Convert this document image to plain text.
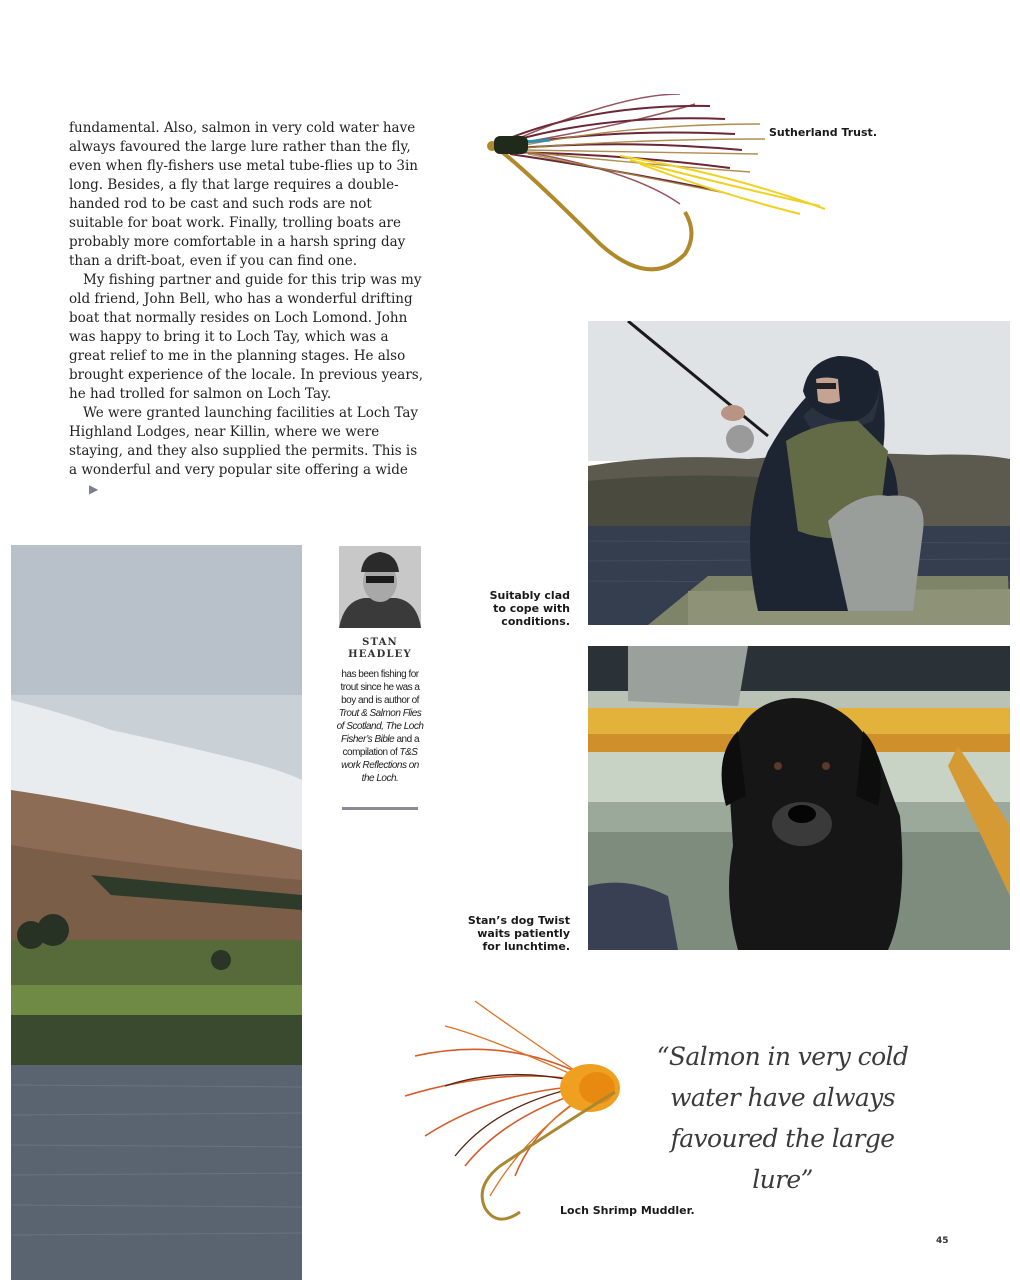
fundamental. Also, salmon in very cold water have always favoured the large lure rather than the fly, even when fly-fishers use metal tube-flies up to 3in long. Besides, a fly that large requires a double-handed rod to be cast and such rods are not suitable for boat work. Finally, trolling boats are probably more comfortable in a harsh spring day than a drift-boat, even if you can find one.

My fishing partner and guide for this trip was my old friend, John Bell, who has a wonderful drifting boat that normally resides on Loch Lomond. John was happy to bring it to Loch Tay, which was a great relief to me in the planning stages. He also brought experience of the locale. In previous years, he had trolled for salmon on Loch Tay.

We were granted launching facilities at Loch Tay Highland Lodges, near Killin, where we were staying, and they also supplied the permits. This is a wonderful and very popular site offering a wide▶

Sutherland Trust.

Suitably clad
to cope with
conditions.
Stan’s dog Twist
waits patiently
for lunchtime.

STAN
HEADLEY

has been fishing for trout since he was a boy and is author of Trout & Salmon Flies of Scotland, The Loch Fisher’s Bible and a compilation of T&S work Reflections on the Loch.

Loch Shrimp Muddler.

“Salmon in very cold
water have always
favoured the large lure”

45
